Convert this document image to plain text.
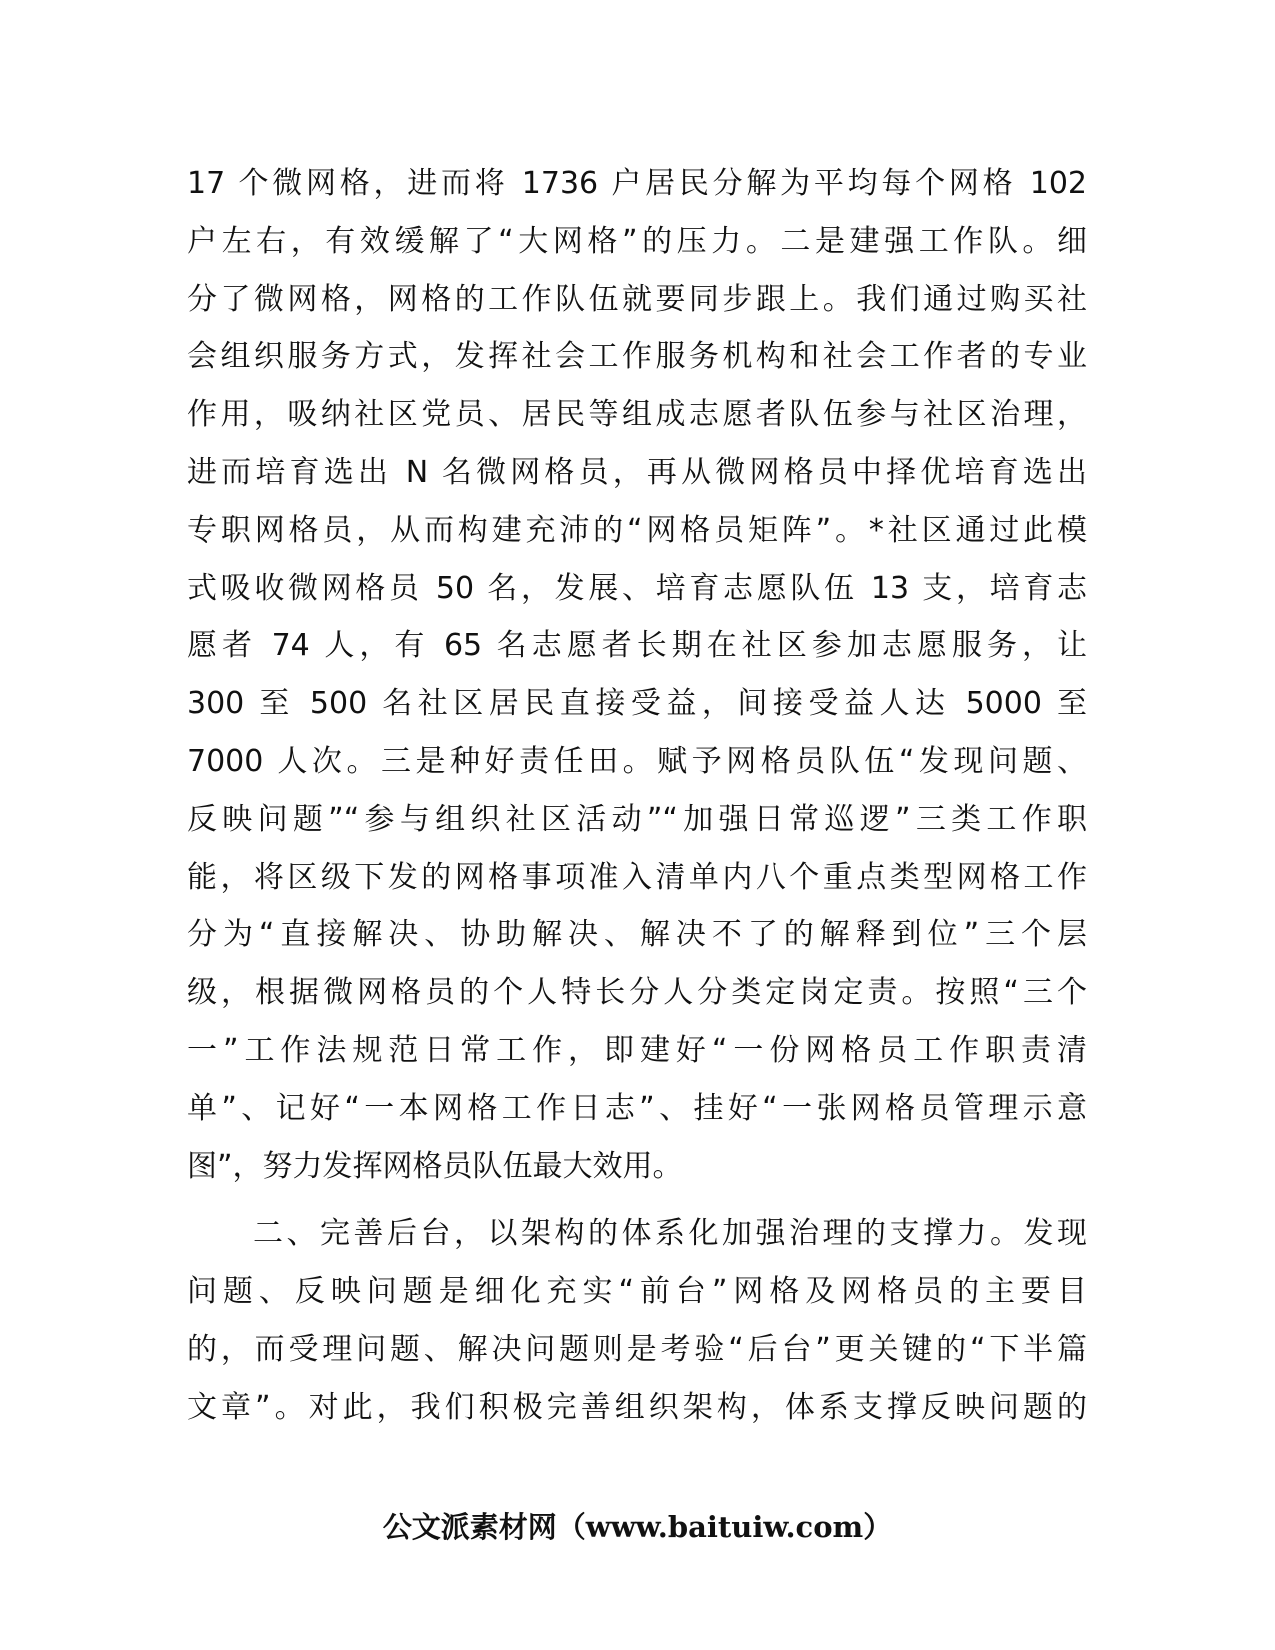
17 个微网格，进而将 1736 户居民分解为平均每个网格 102
户左右，有效缓解了“大网格”的压力。二是建强工作队。细
分了微网格，网格的工作队伍就要同步跟上。我们通过购买社
会组织服务方式，发挥社会工作服务机构和社会工作者的专业
作用，吸纳社区党员、居民等组成志愿者队伍参与社区治理，
进而培育选出 N 名微网格员，再从微网格员中择优培育选出
专职网格员，从而构建充沛的“网格员矩阵”。*社区通过此模
式吸收微网格员 50 名，发展、培育志愿队伍 13 支，培育志
愿者 74 人，有 65 名志愿者长期在社区参加志愿服务，让
300 至 500 名社区居民直接受益，间接受益人达 5000 至
7000 人次。三是种好责任田。赋予网格员队伍“发现问题、
反映问题”“参与组织社区活动”“加强日常巡逻”三类工作职
能，将区级下发的网格事项准入清单内八个重点类型网格工作
分为“直接解决、协助解决、解决不了的解释到位”三个层
级，根据微网格员的个人特长分人分类定岗定责。按照“三个
一”工作法规范日常工作，即建好“一份网格员工作职责清
单”、记好“一本网格工作日志”、挂好“一张网格员管理示意
图”，努力发挥网格员队伍最大效用。
二、完善后台，以架构的体系化加强治理的支撑力。发现
问题、反映问题是细化充实“前台”网格及网格员的主要目
的，而受理问题、解决问题则是考验“后台”更关键的“下半篇
文章”。对此，我们积极完善组织架构，体系支撑反映问题的
公文派素材网（www.baituiw.com）
